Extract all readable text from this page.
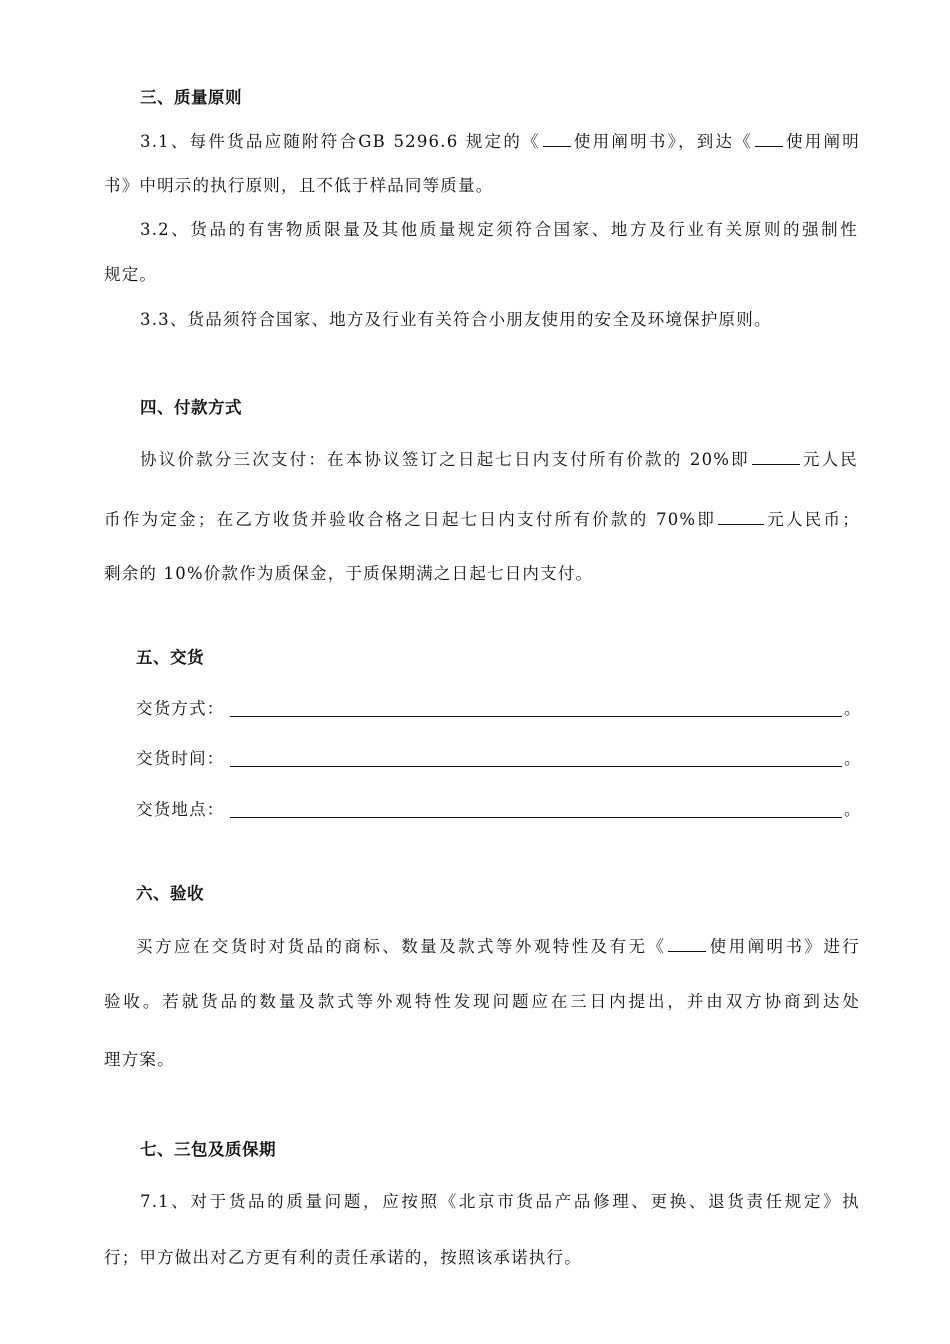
三、质量原则
3.1、每件货品应随附符合GB 5296.6 规定的《 使用阐明书》，到达《 使用阐明
书》中明示的执行原则，且不低于样品同等质量。
3.2、货品的有害物质限量及其他质量规定须符合国家、地方及行业有关原则的强制性
规定。
3.3、货品须符合国家、地方及行业有关符合小朋友使用的安全及环境保护原则。
四、付款方式
协议价款分三次支付：在本协议签订之日起七日内支付所有价款的 20%即	元人民
币作为定金；在乙方收货并验收合格之日起七日内支付所有价款的 70%即	元人民币；
剩余的 10%价款作为质保金，于质保期满之日起七日内支付。
五、交货
交货方式：	。
交货时间：	。
交货地点：	。
六、验收
买方应在交货时对货品的商标、数量及款式等外观特性及有无《	使用阐明书》进行
验收。若就货品的数量及款式等外观特性发现问题应在三日内提出，并由双方协商到达处
理方案。
七、三包及质保期
7.1、对于货品的质量问题，应按照《北京市货品产品修理、更换、退货责任规定》执
行；甲方做出对乙方更有利的责任承诺的，按照该承诺执行。
